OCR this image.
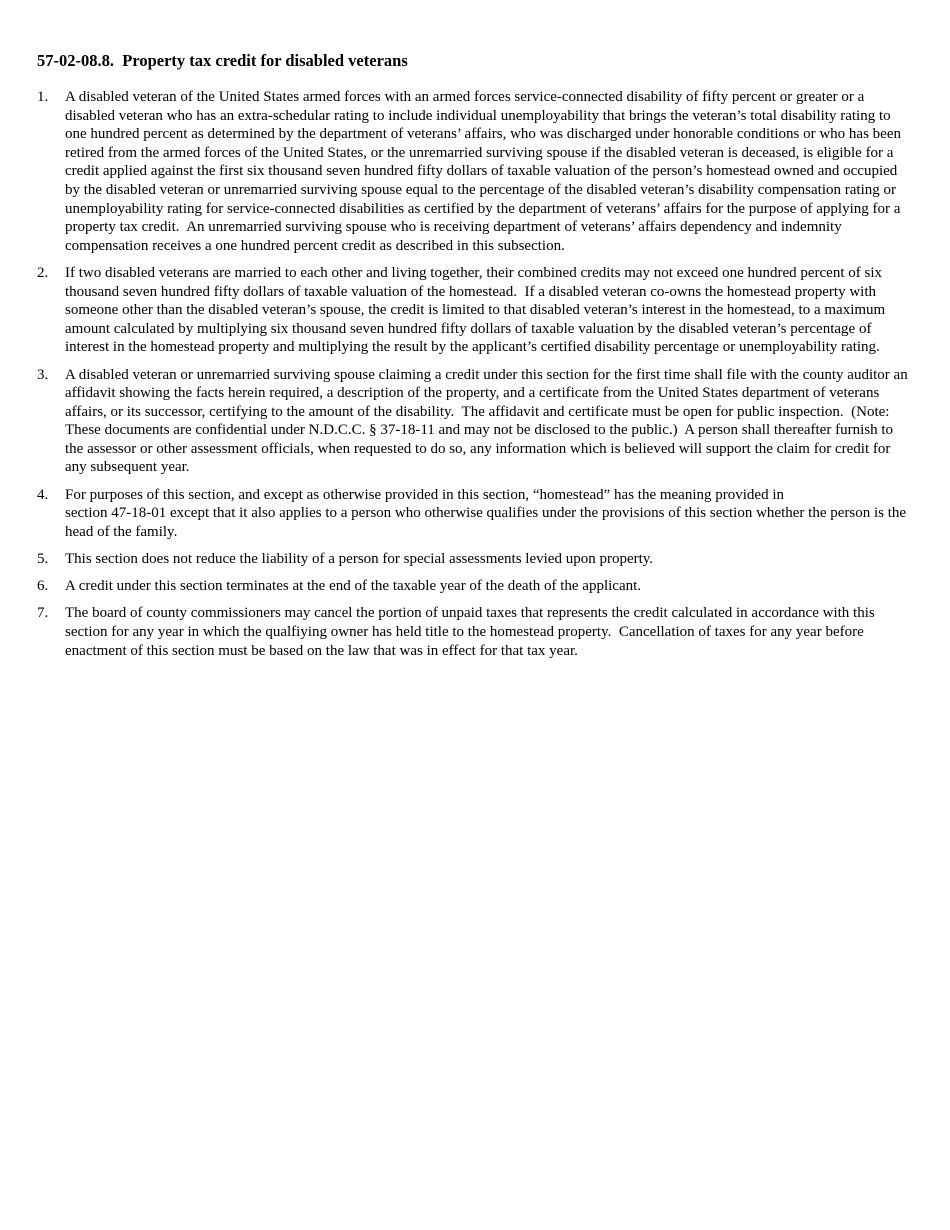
57-02-08.8.  Property tax credit for disabled veterans
1.	A disabled veteran of the United States armed forces with an armed forces service-connected disability of fifty percent or greater or a disabled veteran who has an extra-schedular rating to include individual unemployability that brings the veteran’s total disability rating to one hundred percent as determined by the department of veterans’ affairs, who was discharged under honorable conditions or who has been retired from the armed forces of the United States, or the unremarried surviving spouse if the disabled veteran is deceased, is eligible for a credit applied against the first six thousand seven hundred fifty dollars of taxable valuation of the person’s homestead owned and occupied by the disabled veteran or unremarried surviving spouse equal to the percentage of the disabled veteran’s disability compensation rating or unemployability rating for service-connected disabilities as certified by the department of veterans’ affairs for the purpose of applying for a property tax credit.  An unremarried surviving spouse who is receiving department of veterans’ affairs dependency and indemnity compensation receives a one hundred percent credit as described in this subsection.
2.	If two disabled veterans are married to each other and living together, their combined credits may not exceed one hundred percent of six thousand seven hundred fifty dollars of taxable valuation of the homestead.  If a disabled veteran co-owns the homestead property with someone other than the disabled veteran’s spouse, the credit is limited to that disabled veteran’s interest in the homestead, to a maximum amount calculated by multiplying six thousand seven hundred fifty dollars of taxable valuation by the disabled veteran’s percentage of interest in the homestead property and multiplying the result by the applicant’s certified disability percentage or unemployability rating.
3.	A disabled veteran or unremarried surviving spouse claiming a credit under this section for the first time shall file with the county auditor an affidavit showing the facts herein required, a description of the property, and a certificate from the United States department of veterans affairs, or its successor, certifying to the amount of the disability.  The affidavit and certificate must be open for public inspection.  (Note:  These documents are confidential under N.D.C.C. § 37-18-11 and may not be disclosed to the public.)  A person shall thereafter furnish to the assessor or other assessment officials, when requested to do so, any information which is believed will support the claim for credit for any subsequent year.
4.	For purposes of this section, and except as otherwise provided in this section, “homestead” has the meaning provided in
section 47-18-01 except that it also applies to a person who otherwise qualifies under the provisions of this section whether the person is the head of the family.
5.	This section does not reduce the liability of a person for special assessments levied upon property.
6.	A credit under this section terminates at the end of the taxable year of the death of the applicant.
7.	The board of county commissioners may cancel the portion of unpaid taxes that represents the credit calculated in accordance with this section for any year in which the qualfiying owner has held title to the homestead property.  Cancellation of taxes for any year before enactment of this section must be based on the law that was in effect for that tax year.
